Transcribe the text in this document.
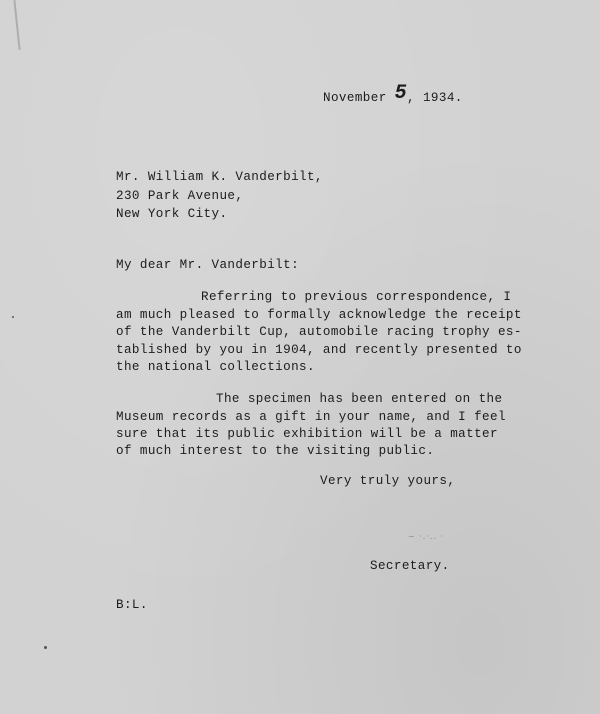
November 5, 1934.
Mr. William K. Vanderbilt,
230 Park Avenue,
New York City.
My dear Mr. Vanderbilt:
Referring to previous correspondence, I
am much pleased to formally acknowledge the receipt
of the Vanderbilt Cup, automobile racing trophy es-
tablished by you in 1904, and recently presented to
the national collections.
The specimen has been entered on the
Museum records as a gift in your name, and I feel
sure that its public exhibition will be a matter
of much interest to the visiting public.
Very truly yours,
~ ·.·.. ·
Secretary.
B:L.
